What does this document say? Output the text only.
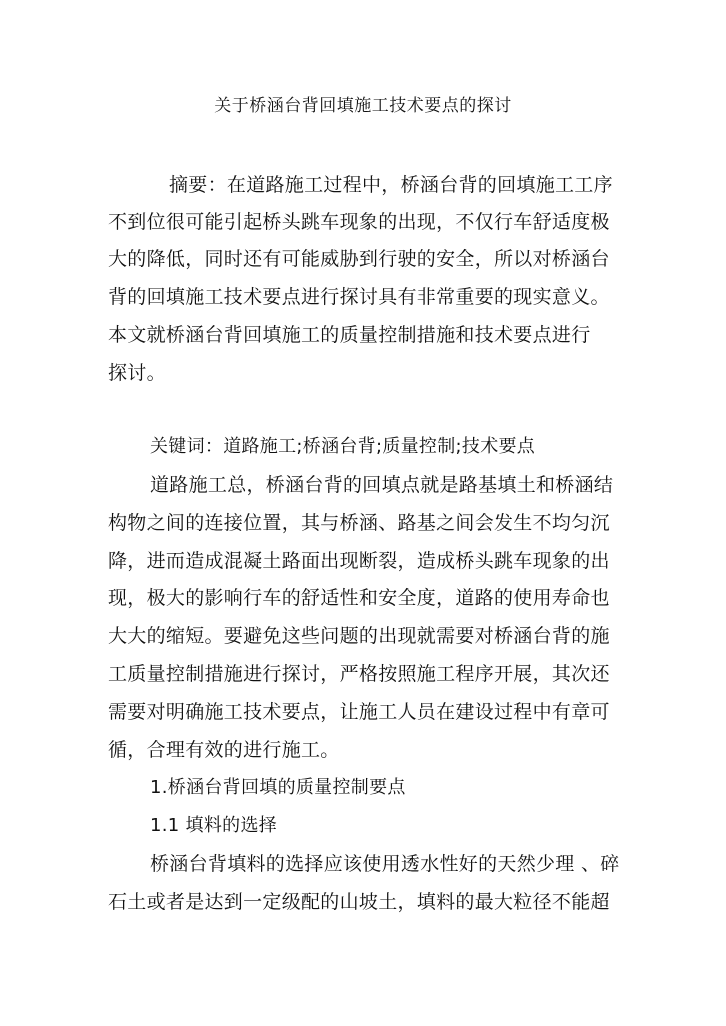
关于桥涵台背回填施工技术要点的探讨
摘要：在道路施工过程中，桥涵台背的回填施工工序
不到位很可能引起桥头跳车现象的出现，不仅行车舒适度极
大的降低，同时还有可能威胁到行驶的安全，所以对桥涵台
背的回填施工技术要点进行探讨具有非常重要的现实意义。
本文就桥涵台背回填施工的质量控制措施和技术要点进行
探讨。
关键词：道路施工;桥涵台背;质量控制;技术要点
道路施工总，桥涵台背的回填点就是路基填土和桥涵结
构物之间的连接位置，其与桥涵、路基之间会发生不均匀沉
降，进而造成混凝土路面出现断裂，造成桥头跳车现象的出
现，极大的影响行车的舒适性和安全度，道路的使用寿命也
大大的缩短。要避免这些问题的出现就需要对桥涵台背的施
工质量控制措施进行探讨，严格按照施工程序开展，其次还
需要对明确施工技术要点，让施工人员在建设过程中有章可
循，合理有效的进行施工。
1.桥涵台背回填的质量控制要点
1.1 填料的选择
桥涵台背填料的选择应该使用透水性好的天然少理 、碎
石土或者是达到一定级配的山坡土，填料的最大粒径不能超
